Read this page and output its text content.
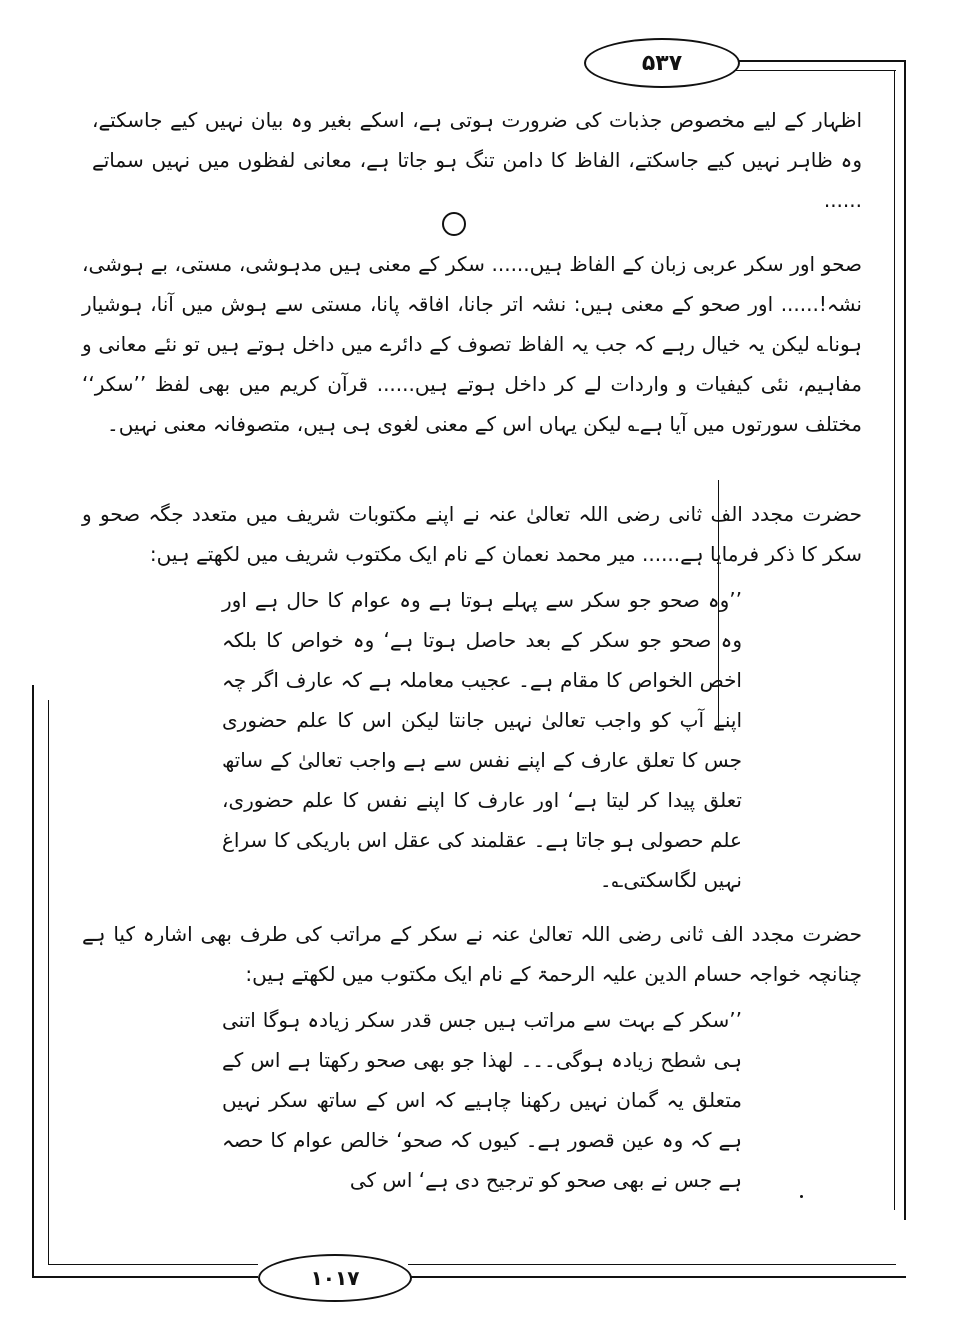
۵۳۷

اظہار کے لیے مخصوص جذبات کی ضرورت ہوتی ہے، اسکے بغیر وہ بیان نہیں کیے جاسکتے، وہ ظاہر نہیں کیے جاسکتے، الفاظ کا دامن تنگ ہو جاتا ہے، معانی لفظوں میں نہیں سماتے ......

صحو اور سکر عربی زبان کے الفاظ ہیں...... سکر کے معنی ہیں مدہوشی، مستی، بے ہوشی، نشہ!...... اور صحو کے معنی ہیں: نشہ اتر جانا، افاقہ پانا، مستی سے ہوش میں آنا، ہوشیار ہونا؎ لیکن یہ خیال رہے کہ جب یہ الفاظ تصوف کے دائرے میں داخل ہوتے ہیں تو نئے معانی و مفاہیم، نئی کیفیات و واردات لے کر داخل ہوتے ہیں...... قرآن کریم میں بھی لفظ ’’سکر‘‘ مختلف سورتوں میں آیا ہے؎ لیکن یہاں اس کے معنی لغوی ہی ہیں، متصوفانہ معنی نہیں۔

حضرت مجدد الف ثانی رضی اللہ تعالیٰ عنہ نے اپنے مکتوبات شریف میں متعدد جگہ صحو و سکر کا ذکر فرمایا ہے...... میر محمد نعمان کے نام ایک مکتوب شریف میں لکھتے ہیں:

’’وہ صحو جو سکر سے پہلے ہوتا ہے وہ عوام کا حال ہے اور وہ صحو جو سکر کے بعد حاصل ہوتا ہے‘ وہ خواص کا بلکہ اخص الخواص کا مقام ہے۔ عجیب معاملہ ہے کہ عارف اگر چہ اپنے آپ کو واجب تعالیٰ نہیں جانتا لیکن اس کا علم حضوری جس کا تعلق عارف کے اپنے نفس سے ہے واجب تعالیٰ کے ساتھ تعلق پیدا کر لیتا ہے‘ اور عارف کا اپنے نفس کا علم حضوری، علم حصولی ہو جاتا ہے۔ عقلمند کی عقل اس باریکی کا سراغ نہیں لگاسکتی؎۔

حضرت مجدد الف ثانی رضی اللہ تعالیٰ عنہ نے سکر کے مراتب کی طرف بھی اشارہ کیا ہے چنانچہ خواجہ حسام الدین علیہ الرحمۃ کے نام ایک مکتوب میں لکھتے ہیں:

’’سکر کے بہت سے مراتب ہیں جس قدر سکر زیادہ ہوگا اتنی ہی شطح زیادہ ہوگی۔۔۔ لھذا جو بھی صحو رکھتا ہے اس کے متعلق یہ گمان نہیں رکھنا چاہیے کہ اس کے ساتھ سکر نہیں ہے کہ وہ عین قصور ہے۔ کیوں کہ صحو‘ خالص عوام کا حصہ ہے جس نے بھی صحو کو ترجیح دی ہے‘ اس کی

۱۰۱۷
